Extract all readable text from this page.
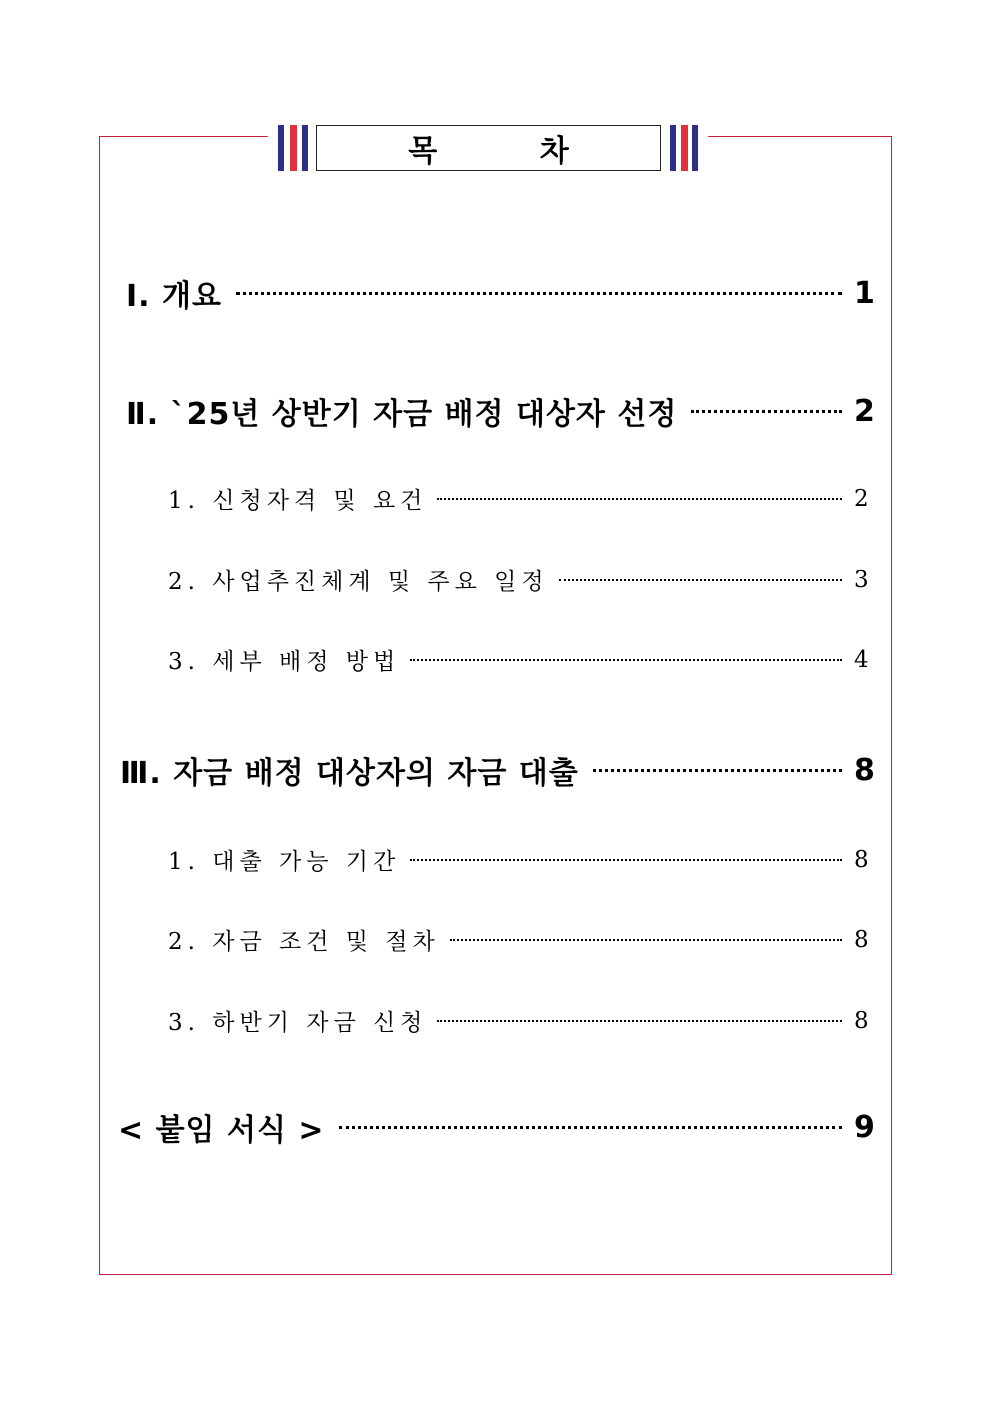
목 차
Ⅰ. 개요	1
Ⅱ. `25년 상반기 자금 배정 대상자 선정	2
1. 신청자격 및 요건	2
2. 사업추진체계 및 주요 일정	3
3. 세부 배정 방법	4
Ⅲ. 자금 배정 대상자의 자금 대출	8
1. 대출 가능 기간	8
2. 자금 조건 및 절차	8
3. 하반기 자금 신청	8
< 붙임 서식 >	9
